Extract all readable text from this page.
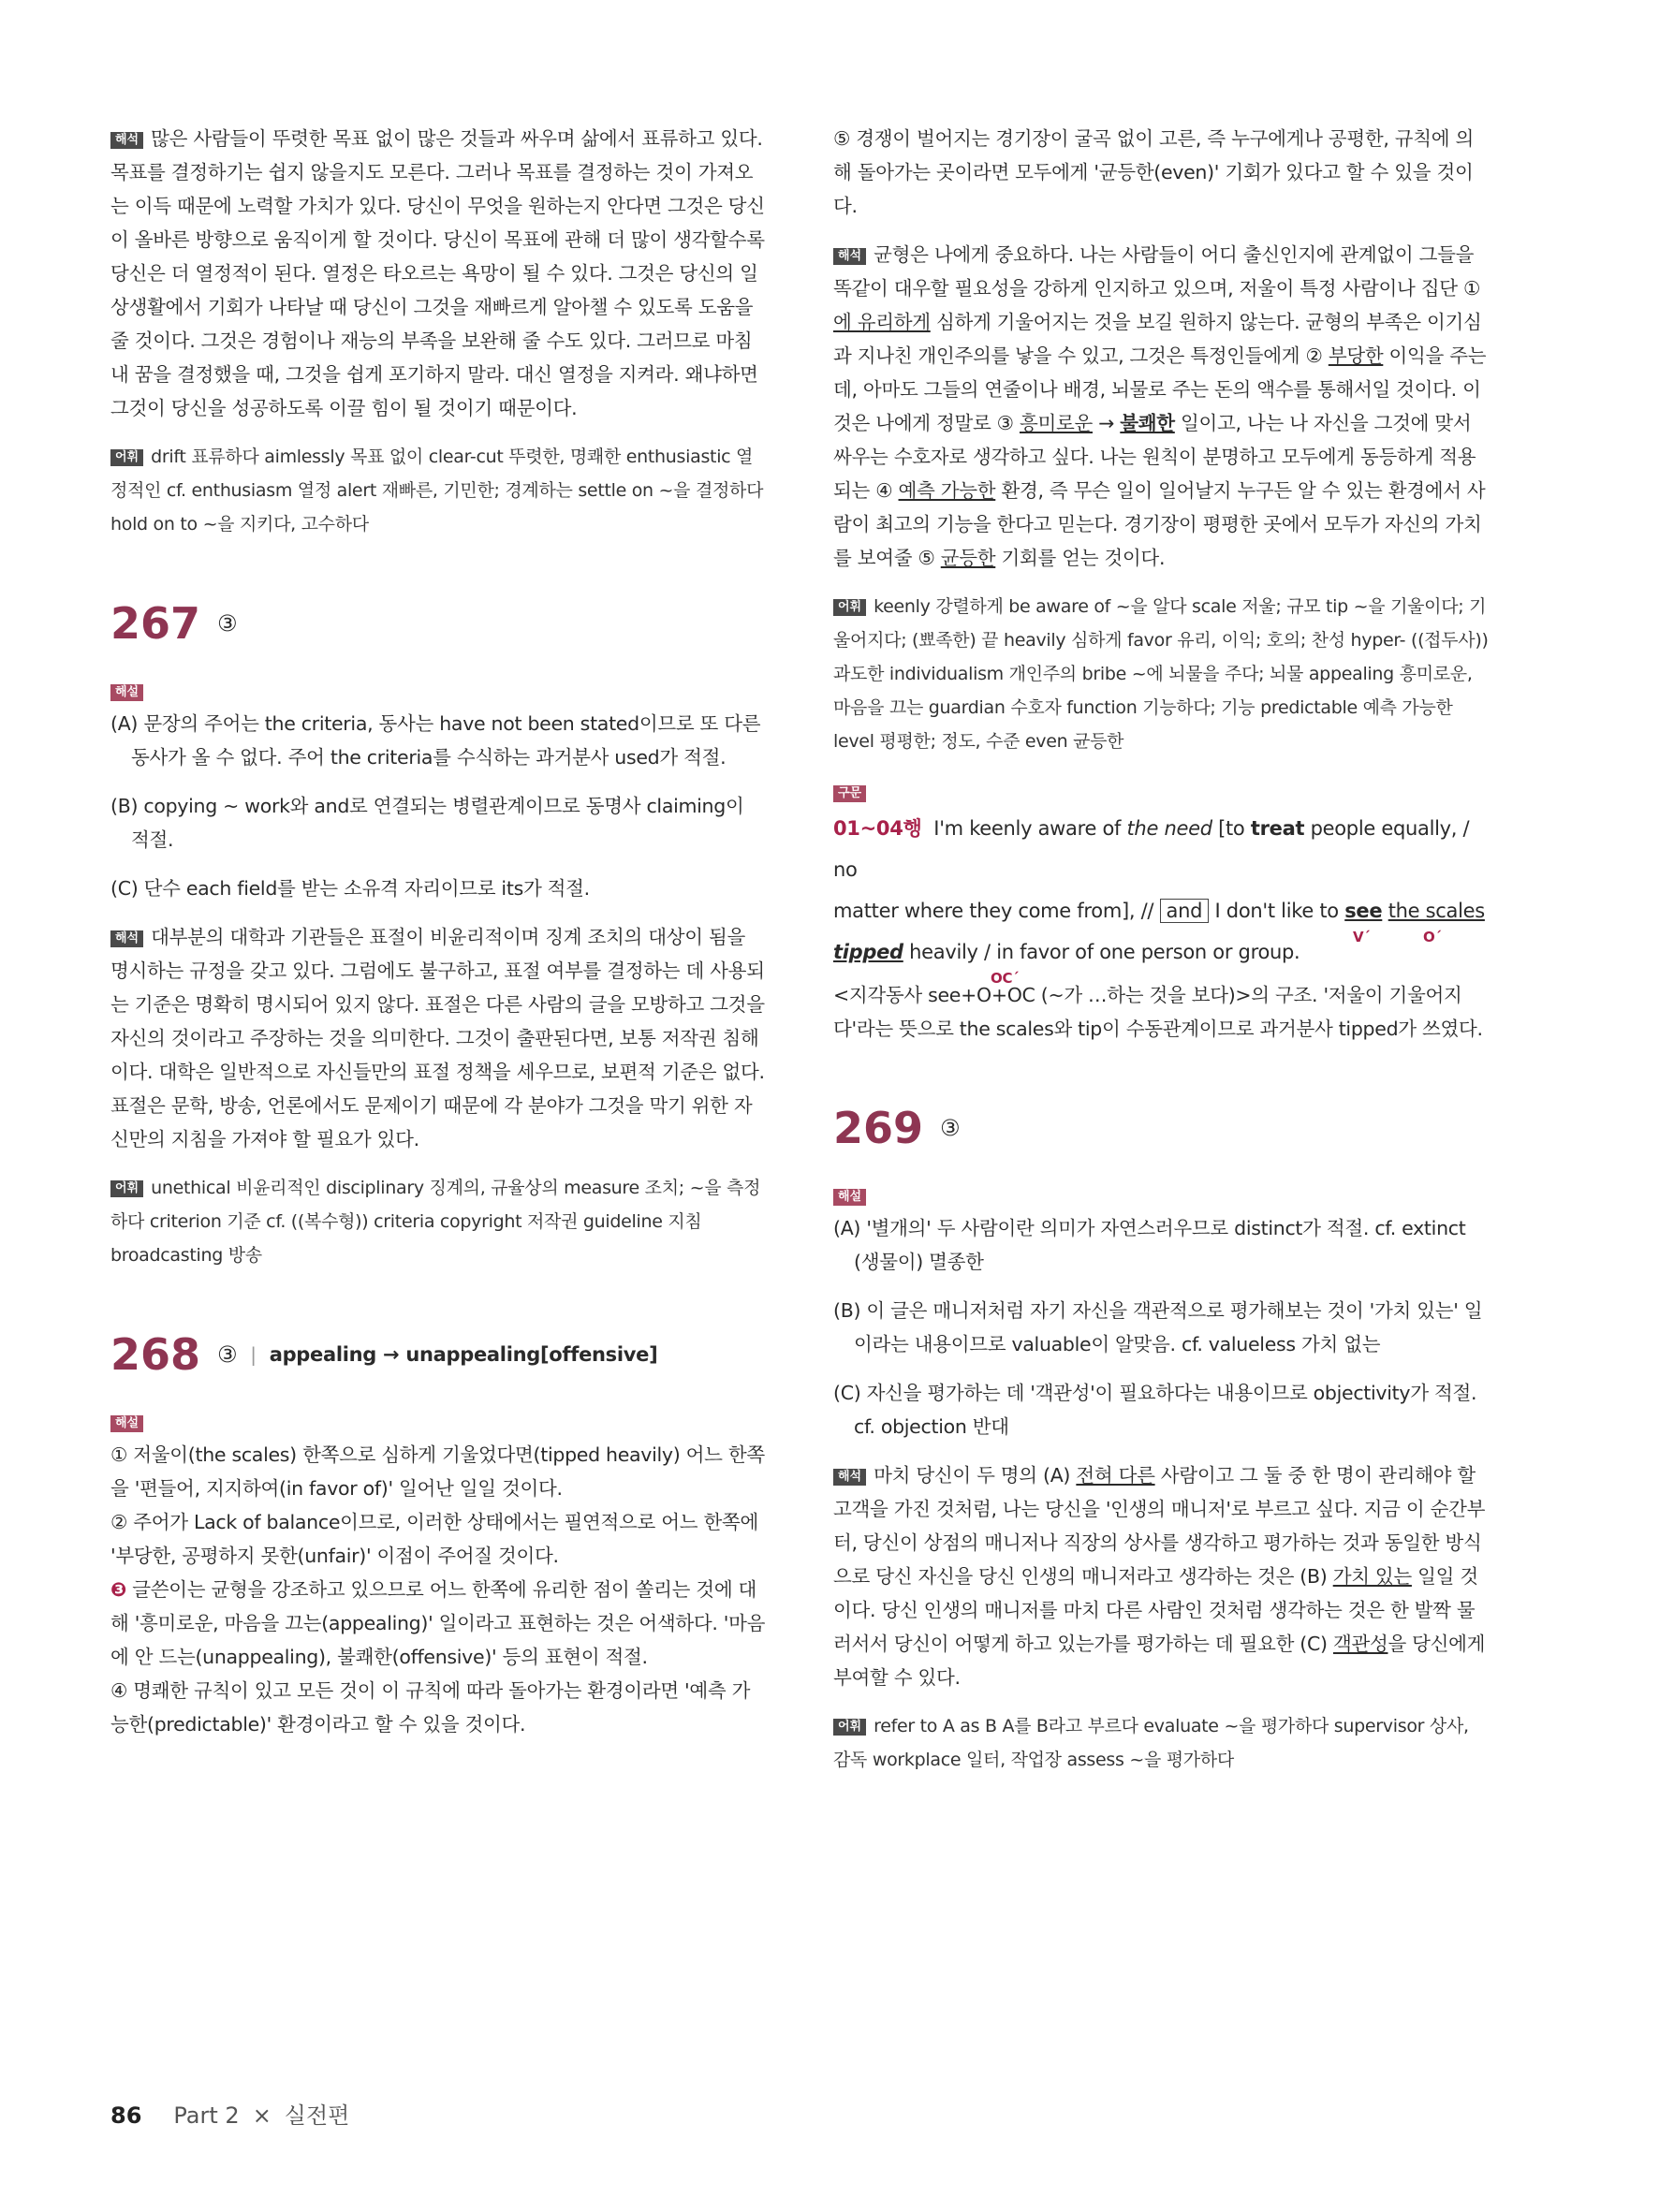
해석 많은 사람들이 뚜렷한 목표 없이 많은 것들과 싸우며 삶에서 표류하고 있다. 목표를 결정하기는 쉽지 않을지도 모른다. 그러나 목표를 결정하는 것이 가져오는 이득 때문에 노력할 가치가 있다. 당신이 무엇을 원하는지 안다면 그것은 당신이 올바른 방향으로 움직이게 할 것이다. 당신이 목표에 관해 더 많이 생각할수록 당신은 더 열정적이 된다. 열정은 타오르는 욕망이 될 수 있다. 그것은 당신의 일상생활에서 기회가 나타날 때 당신이 그것을 재빠르게 알아챌 수 있도록 도움을 줄 것이다. 그것은 경험이나 재능의 부족을 보완해 줄 수도 있다. 그러므로 마침내 꿈을 결정했을 때, 그것을 쉽게 포기하지 말라. 대신 열정을 지켜라. 왜냐하면 그것이 당신을 성공하도록 이끌 힘이 될 것이기 때문이다.

어휘 drift 표류하다 aimlessly 목표 없이 clear-cut 뚜렷한, 명쾌한 enthusiastic 열정적인 cf. enthusiasm 열정 alert 재빠른, 기민한; 경계하는 settle on ~을 결정하다 hold on to ~을 지키다, 고수하다

267 ③
해설

(A) 문장의 주어는 the criteria, 동사는 have not been stated이므로 또 다른 동사가 올 수 없다. 주어 the criteria를 수식하는 과거분사 used가 적절.

(B) copying ~ work와 and로 연결되는 병렬관계이므로 동명사 claiming이 적절.

(C) 단수 each field를 받는 소유격 자리이므로 its가 적절.

해석 대부분의 대학과 기관들은 표절이 비윤리적이며 징계 조치의 대상이 됨을 명시하는 규정을 갖고 있다. 그럼에도 불구하고, 표절 여부를 결정하는 데 사용되는 기준은 명확히 명시되어 있지 않다. 표절은 다른 사람의 글을 모방하고 그것을 자신의 것이라고 주장하는 것을 의미한다. 그것이 출판된다면, 보통 저작권 침해이다. 대학은 일반적으로 자신들만의 표절 정책을 세우므로, 보편적 기준은 없다. 표절은 문학, 방송, 언론에서도 문제이기 때문에 각 분야가 그것을 막기 위한 자신만의 지침을 가져야 할 필요가 있다.

어휘 unethical 비윤리적인 disciplinary 징계의, 규율상의 measure 조치; ~을 측정하다 criterion 기준 cf. ((복수형)) criteria copyright 저작권 guideline 지침 broadcasting 방송

268 ③ | appealing → unappealing[offensive]
해설

① 저울이(the scales) 한쪽으로 심하게 기울었다면(tipped heavily) 어느 한쪽을 '편들어, 지지하여(in favor of)' 일어난 일일 것이다.

② 주어가 Lack of balance이므로, 이러한 상태에서는 필연적으로 어느 한쪽에 '부당한, 공평하지 못한(unfair)' 이점이 주어질 것이다.

❸ 글쓴이는 균형을 강조하고 있으므로 어느 한쪽에 유리한 점이 쏠리는 것에 대해 '흥미로운, 마음을 끄는(appealing)' 일이라고 표현하는 것은 어색하다. '마음에 안 드는(unappealing), 불쾌한(offensive)' 등의 표현이 적절.

④ 명쾌한 규칙이 있고 모든 것이 이 규칙에 따라 돌아가는 환경이라면 '예측 가능한(predictable)' 환경이라고 할 수 있을 것이다.

⑤ 경쟁이 벌어지는 경기장이 굴곡 없이 고른, 즉 누구에게나 공평한, 규칙에 의해 돌아가는 곳이라면 모두에게 '균등한(even)' 기회가 있다고 할 수 있을 것이다.

해석 균형은 나에게 중요하다. 나는 사람들이 어디 출신인지에 관계없이 그들을 똑같이 대우할 필요성을 강하게 인지하고 있으며, 저울이 특정 사람이나 집단 ① 에 유리하게 심하게 기울어지는 것을 보길 원하지 않는다. 균형의 부족은 이기심과 지나친 개인주의를 낳을 수 있고, 그것은 특정인들에게 ② 부당한 이익을 주는데, 아마도 그들의 연줄이나 배경, 뇌물로 주는 돈의 액수를 통해서일 것이다. 이것은 나에게 정말로 ③ 흥미로운 → 불쾌한 일이고, 나는 나 자신을 그것에 맞서 싸우는 수호자로 생각하고 싶다. 나는 원칙이 분명하고 모두에게 동등하게 적용되는 ④ 예측 가능한 환경, 즉 무슨 일이 일어날지 누구든 알 수 있는 환경에서 사람이 최고의 기능을 한다고 믿는다. 경기장이 평평한 곳에서 모두가 자신의 가치를 보여줄 ⑤ 균등한 기회를 얻는 것이다.

어휘 keenly 강렬하게 be aware of ~을 알다 scale 저울; 규모 tip ~을 기울이다; 기울어지다; (뾰족한) 끝 heavily 심하게 favor 유리, 이익; 호의; 찬성 hyper- ((접두사)) 과도한 individualism 개인주의 bribe ~에 뇌물을 주다; 뇌물 appealing 흥미로운, 마음을 끄는 guardian 수호자 function 기능하다; 기능 predictable 예측 가능한 level 평평한; 정도, 수준 even 균등한

구문
01~04행 I'm keenly aware of the need [to treat people equally, / no
matter where they come from], // and I don't like to see the scales
V´	O´
tipped heavily / in favor of one person or group.
OC´

<지각동사 see+O+OC (~가 …하는 것을 보다)>의 구조. '저울이 기울어지다'라는 뜻으로 the scales와 tip이 수동관계이므로 과거분사 tipped가 쓰였다.

269 ③
해설

(A) '별개의' 두 사람이란 의미가 자연스러우므로 distinct가 적절. cf. extinct (생물이) 멸종한

(B) 이 글은 매니저처럼 자기 자신을 객관적으로 평가해보는 것이 '가치 있는' 일이라는 내용이므로 valuable이 알맞음. cf. valueless 가치 없는

(C) 자신을 평가하는 데 '객관성'이 필요하다는 내용이므로 objectivity가 적절. cf. objection 반대

해석 마치 당신이 두 명의 (A) 전혀 다른 사람이고 그 둘 중 한 명이 관리해야 할 고객을 가진 것처럼, 나는 당신을 '인생의 매니저'로 부르고 싶다. 지금 이 순간부터, 당신이 상점의 매니저나 직장의 상사를 생각하고 평가하는 것과 동일한 방식으로 당신 자신을 당신 인생의 매니저라고 생각하는 것은 (B) 가치 있는 일일 것이다. 당신 인생의 매니저를 마치 다른 사람인 것처럼 생각하는 것은 한 발짝 물러서서 당신이 어떻게 하고 있는가를 평가하는 데 필요한 (C) 객관성을 당신에게 부여할 수 있다.

어휘 refer to A as B A를 B라고 부르다 evaluate ~을 평가하다 supervisor 상사, 감독 workplace 일터, 작업장 assess ~을 평가하다

86 Part 2 × 실전편
